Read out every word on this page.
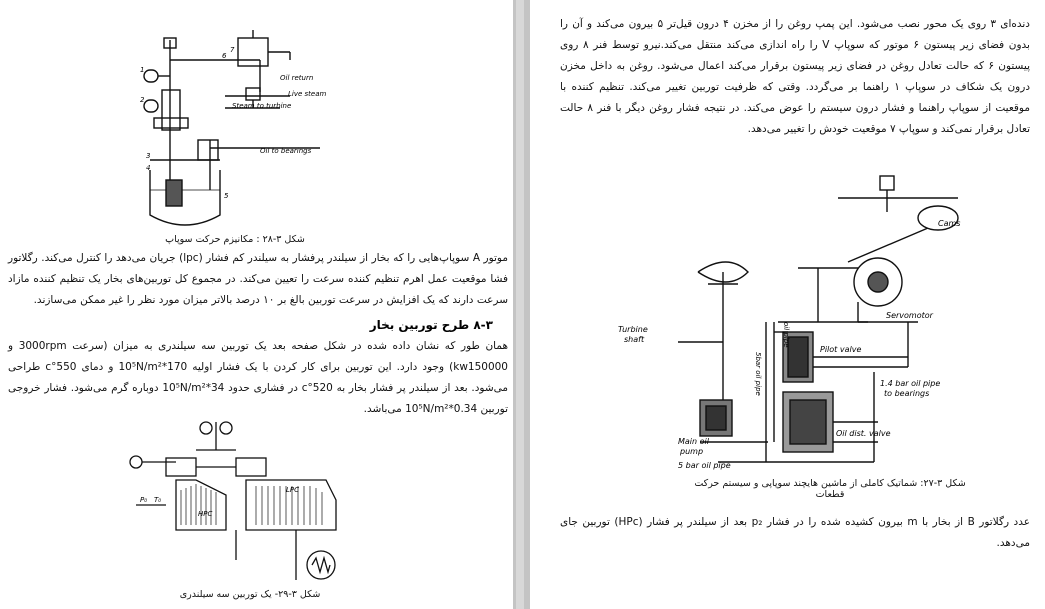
Oil return
Live steam
Steam to turbine
Oil to bearings
1
2
3
4
5
6
7
شکل ۳-۲۸ : مکانیزم حرکت سوپاپ
موتور A سوپاپ‌هایی را که بخار از سیلندر پرفشار به سیلندر کم فشار (lpc) جریان می‌دهد را کنترل می‌کند. رگلاتور فشا موقعیت عمل اهرم تنظیم کننده سرعت را تعیین می‌کند. در مجموع کل توربین‌های بخار یک تنظیم کننده مازاد سرعت دارند که یک افزایش در سرعت توربین بالغ بر ۱۰ درصد بالاتر میزان مورد نظر را غیر ممکن می‌سازند.
۸-۳ طرح توربین بخار
همان طور که نشان داده شده در شکل صفحه بعد یک توربین سه سیلندری به میزان (سرعت 3000rpm و kw150000) وجود دارد. این توربین برای کار کردن با یک فشار اولیه 170*10⁵N/m² و دمای 550°c طراحی می‌شود. بعد از سیلندر پر فشار بخار به 520°c در فشاری حدود 34*10⁵N/m² دوباره گرم می‌شود. فشار خروجی توربین 0.34*10⁵N/m² می‌باشد.
HPC
LPC
P₀ T₀
شکل ۳-۲۹- یک توربین سه سیلندری
دنده‌ای ۳ روی یک محور نصب می‌شود. این پمپ روغن را از مخزن ۴ درون قیل‌تر ۵ بیرون می‌کند و آن را بدون فضای زیر پیستون ۶ موتور که سوپاپ V را راه اندازی می‌کند منتقل می‌کند.نیرو توسط فنر ۸ روی پیستون ۶ که حالت تعادل روغن در فضای زیر پیستون برقرار می‌کند اعمال می‌شود. روغن به داخل مخزن درون یک شکاف در سوپاپ ۱ راهنما بر می‌گردد. وقتی که ظرفیت توربین تغییر می‌کند. تنظیم کننده با موقعیت از سوپاپ راهنما و فشار درون سیستم را عوض می‌کند. در نتیجه فشار روغن دیگر با فنر ۸ حالت تعادل برقرار نمی‌کند و سوپاپ ۷ موقعیت خودش را تغییر می‌دهد.
Cams
Servomotor
Turbine
shaft
Pilot valve
1.4 bar oil pipe
to bearings
Main oil
pump
Oil dist. valve
5 bar oil pipe
5bar oil pipe
oil pipe
شکل ۳-۲۷: شماتیک کاملی از ماشین هایچند سوپاپی و سیستم حرکت قطعات
عدد رگلاتور B از بخار با m بیرون کشیده شده را در فشار p₂ بعد از سیلندر پر فشار (HPc) توربین جای می‌دهد.
